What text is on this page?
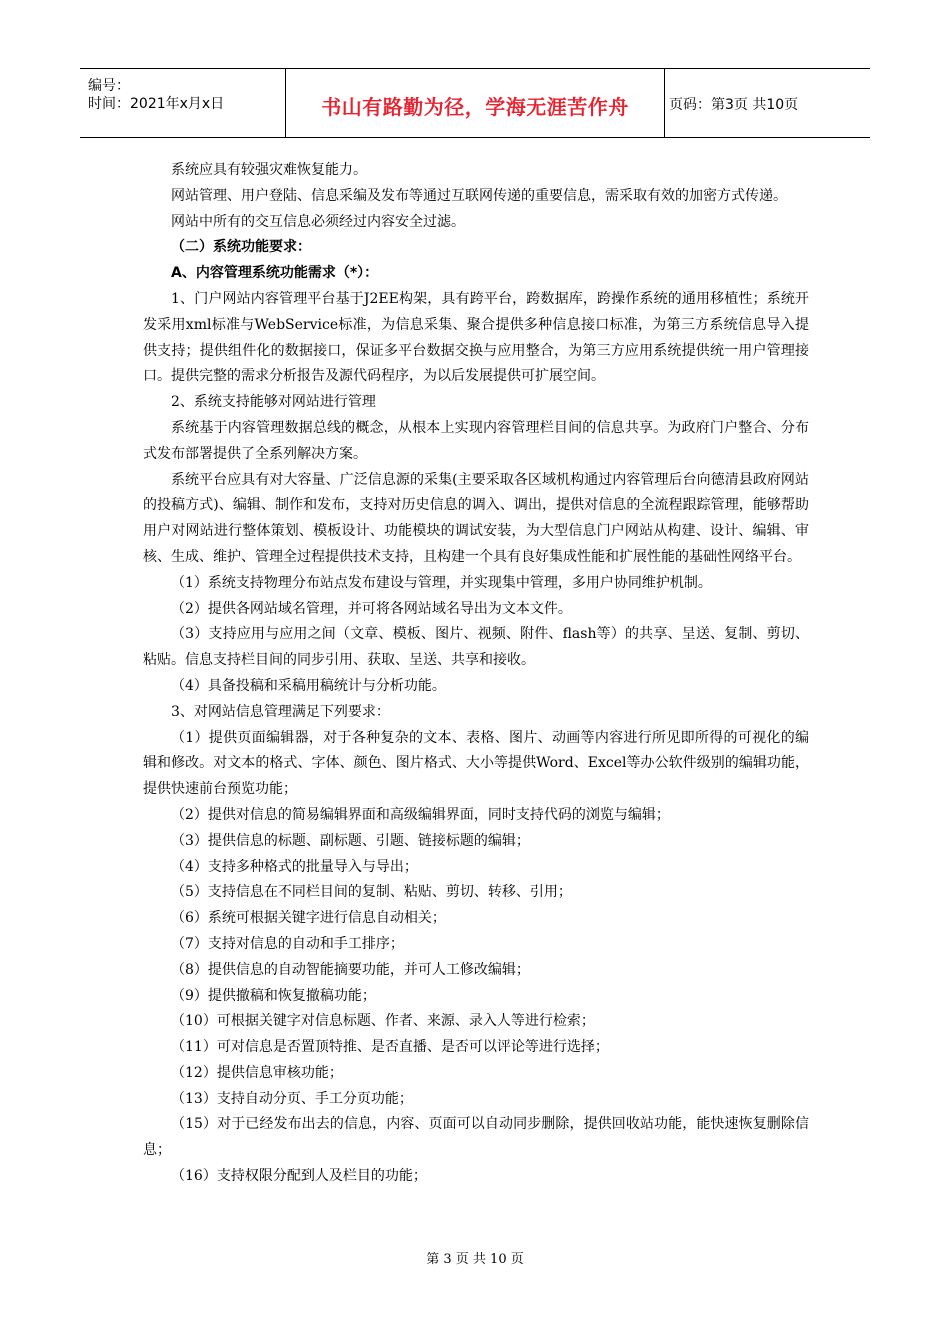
编号：
时间：2021年x月x日	书山有路勤为径，学海无涯苦作舟	页码：第3页 共10页

系统应具有较强灾难恢复能力。

网站管理、用户登陆、信息采编及发布等通过互联网传递的重要信息，需采取有效的加密方式传递。

网站中所有的交互信息必须经过内容安全过滤。

（二）系统功能要求：

A、内容管理系统功能需求（*）：

1、门户网站内容管理平台基于J2EE构架，具有跨平台，跨数据库，跨操作系统的通用移植性；系统开发采用xml标准与WebService标准，为信息采集、聚合提供多种信息接口标准，为第三方系统信息导入提供支持；提供组件化的数据接口，保证多平台数据交换与应用整合，为第三方应用系统提供统一用户管理接口。提供完整的需求分析报告及源代码程序，为以后发展提供可扩展空间。

2、系统支持能够对网站进行管理

系统基于内容管理数据总线的概念，从根本上实现内容管理栏目间的信息共享。为政府门户整合、分布式发布部署提供了全系列解决方案。

系统平台应具有对大容量、广泛信息源的采集(主要采取各区域机构通过内容管理后台向德清县政府网站的投稿方式)、编辑、制作和发布，支持对历史信息的调入、调出，提供对信息的全流程跟踪管理，能够帮助用户对网站进行整体策划、模板设计、功能模块的调试安装，为大型信息门户网站从构建、设计、编辑、审核、生成、维护、管理全过程提供技术支持，且构建一个具有良好集成性能和扩展性能的基础性网络平台。

（1）系统支持物理分布站点发布建设与管理，并实现集中管理，多用户协同维护机制。

（2）提供各网站域名管理，并可将各网站域名导出为文本文件。

（3）支持应用与应用之间（文章、模板、图片、视频、附件、flash等）的共享、呈送、复制、剪切、粘贴。信息支持栏目间的同步引用、获取、呈送、共享和接收。

（4）具备投稿和采稿用稿统计与分析功能。

3、对网站信息管理满足下列要求：

（1）提供页面编辑器，对于各种复杂的文本、表格、图片、动画等内容进行所见即所得的可视化的编辑和修改。对文本的格式、字体、颜色、图片格式、大小等提供Word、Excel等办公软件级别的编辑功能，提供快速前台预览功能；

（2）提供对信息的简易编辑界面和高级编辑界面，同时支持代码的浏览与编辑；

（3）提供信息的标题、副标题、引题、链接标题的编辑；

（4）支持多种格式的批量导入与导出；

（5）支持信息在不同栏目间的复制、粘贴、剪切、转移、引用；

（6）系统可根据关键字进行信息自动相关；

（7）支持对信息的自动和手工排序；

（8）提供信息的自动智能摘要功能，并可人工修改编辑；

（9）提供撤稿和恢复撤稿功能；

（10）可根据关键字对信息标题、作者、来源、录入人等进行检索；

（11）可对信息是否置顶特推、是否直播、是否可以评论等进行选择；

（12）提供信息审核功能；

（13）支持自动分页、手工分页功能；

（15）对于已经发布出去的信息，内容、页面可以自动同步删除，提供回收站功能，能快速恢复删除信息；

（16）支持权限分配到人及栏目的功能；

第 3 页 共 10 页
